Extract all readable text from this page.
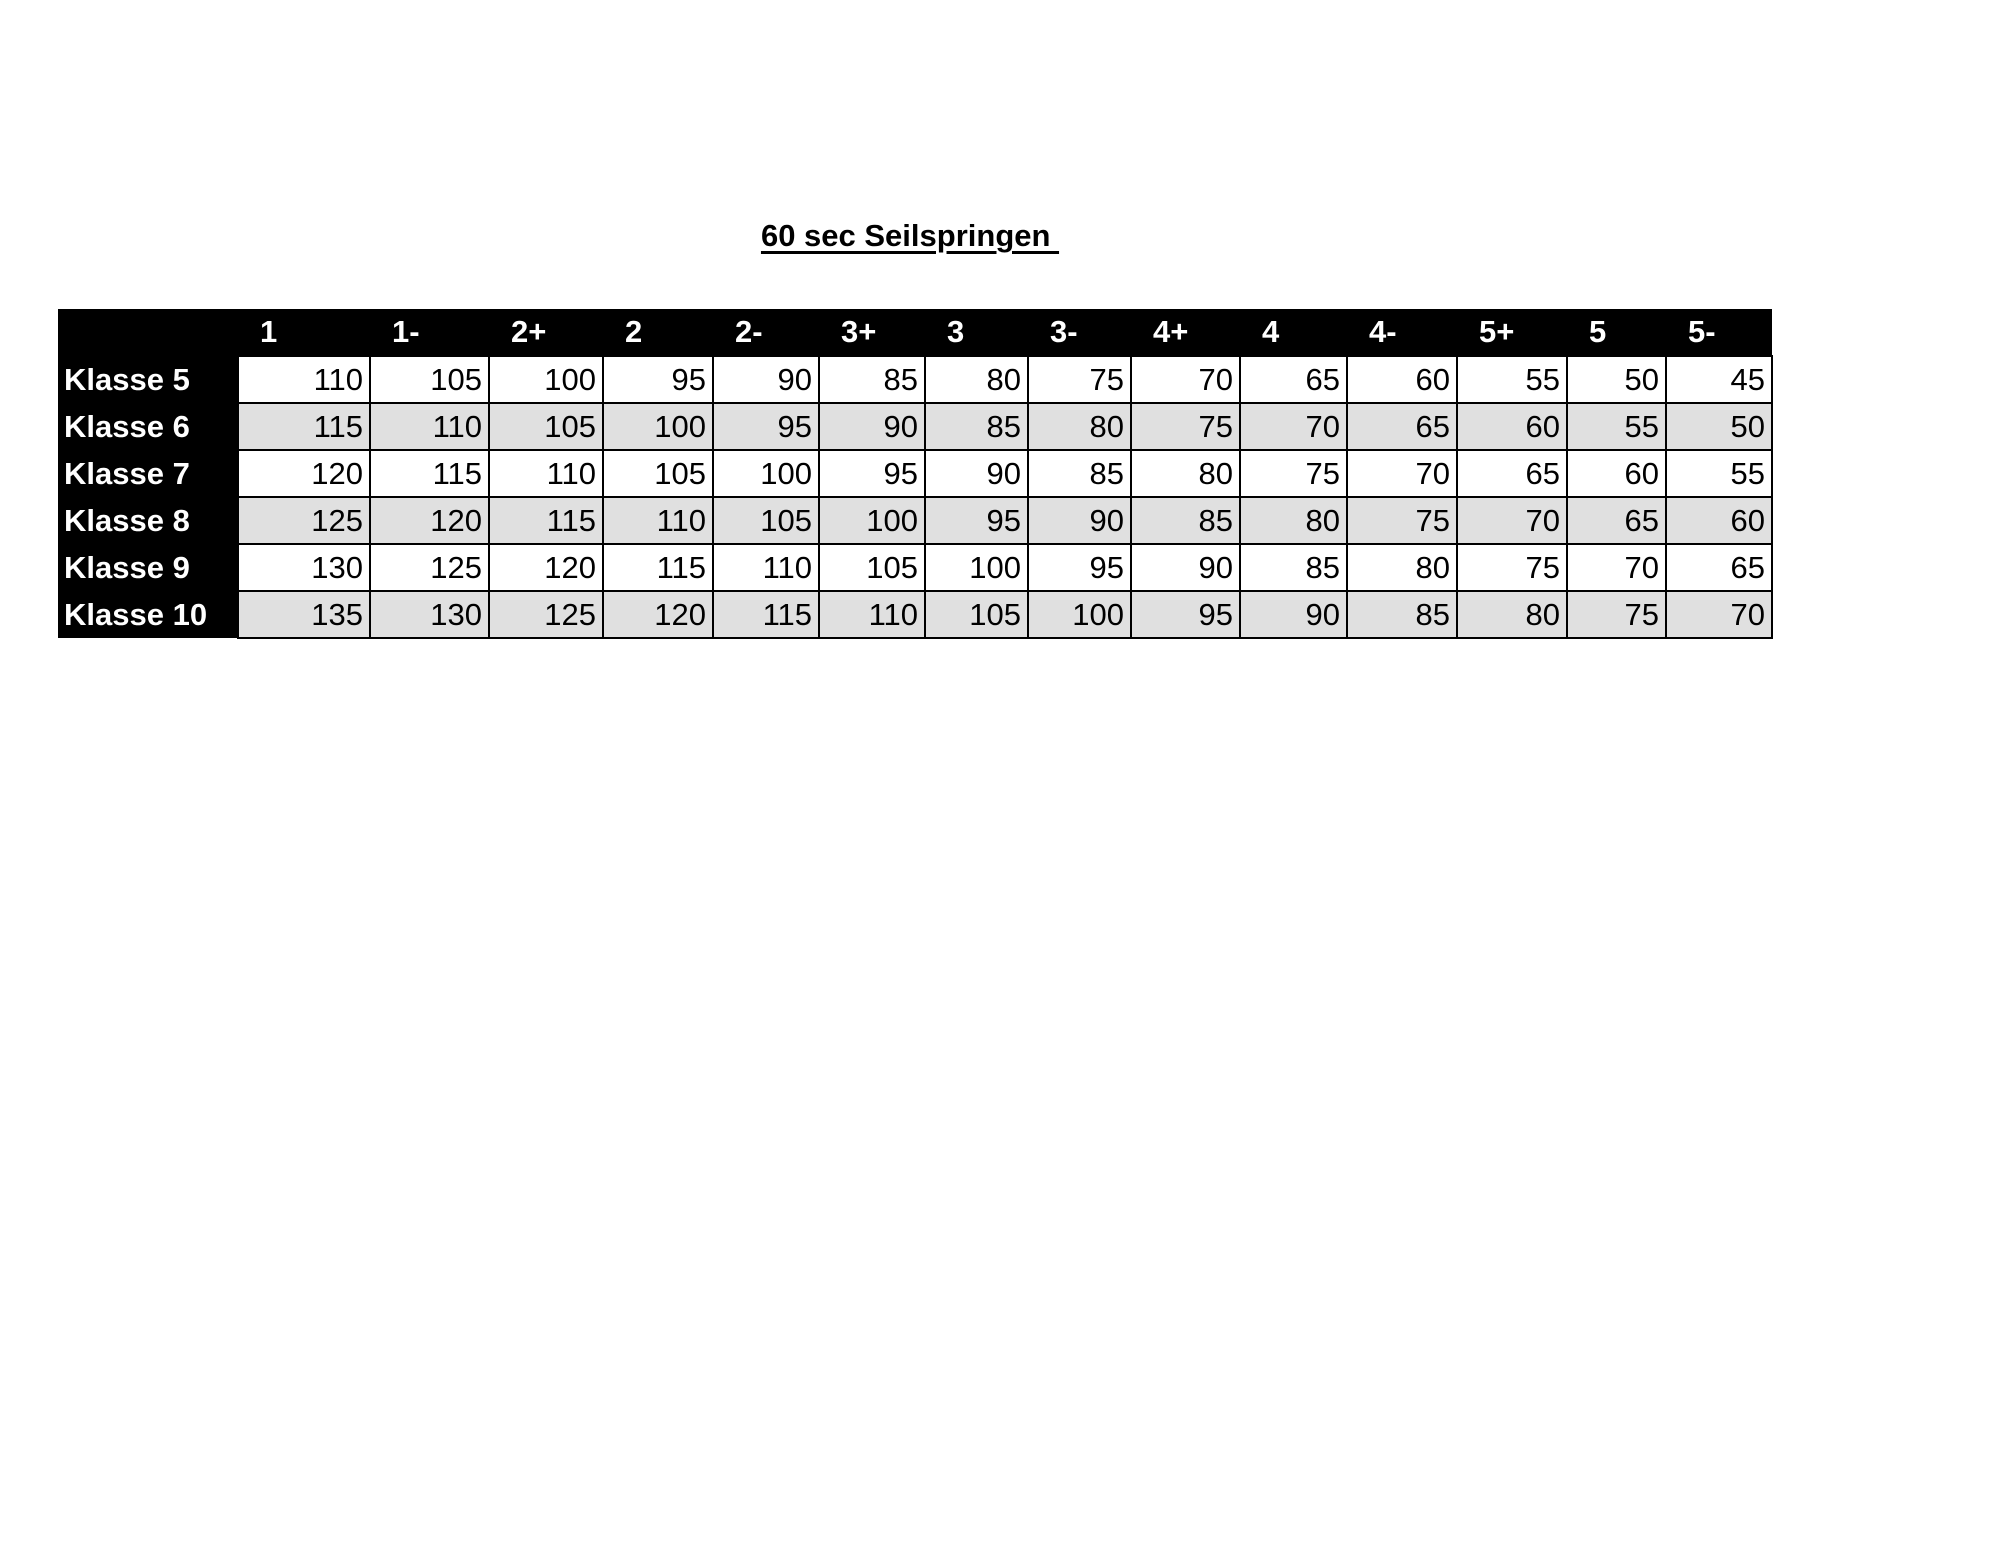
60 sec Seilspringen
	1	1-	2+	2	2-	3+	3	3-	4+	4	4-	5+	5	5-
Klasse 5	110	105	100	95	90	85	80	75	70	65	60	55	50	45
Klasse 6	115	110	105	100	95	90	85	80	75	70	65	60	55	50
Klasse 7	120	115	110	105	100	95	90	85	80	75	70	65	60	55
Klasse 8	125	120	115	110	105	100	95	90	85	80	75	70	65	60
Klasse 9	130	125	120	115	110	105	100	95	90	85	80	75	70	65
Klasse 10	135	130	125	120	115	110	105	100	95	90	85	80	75	70
